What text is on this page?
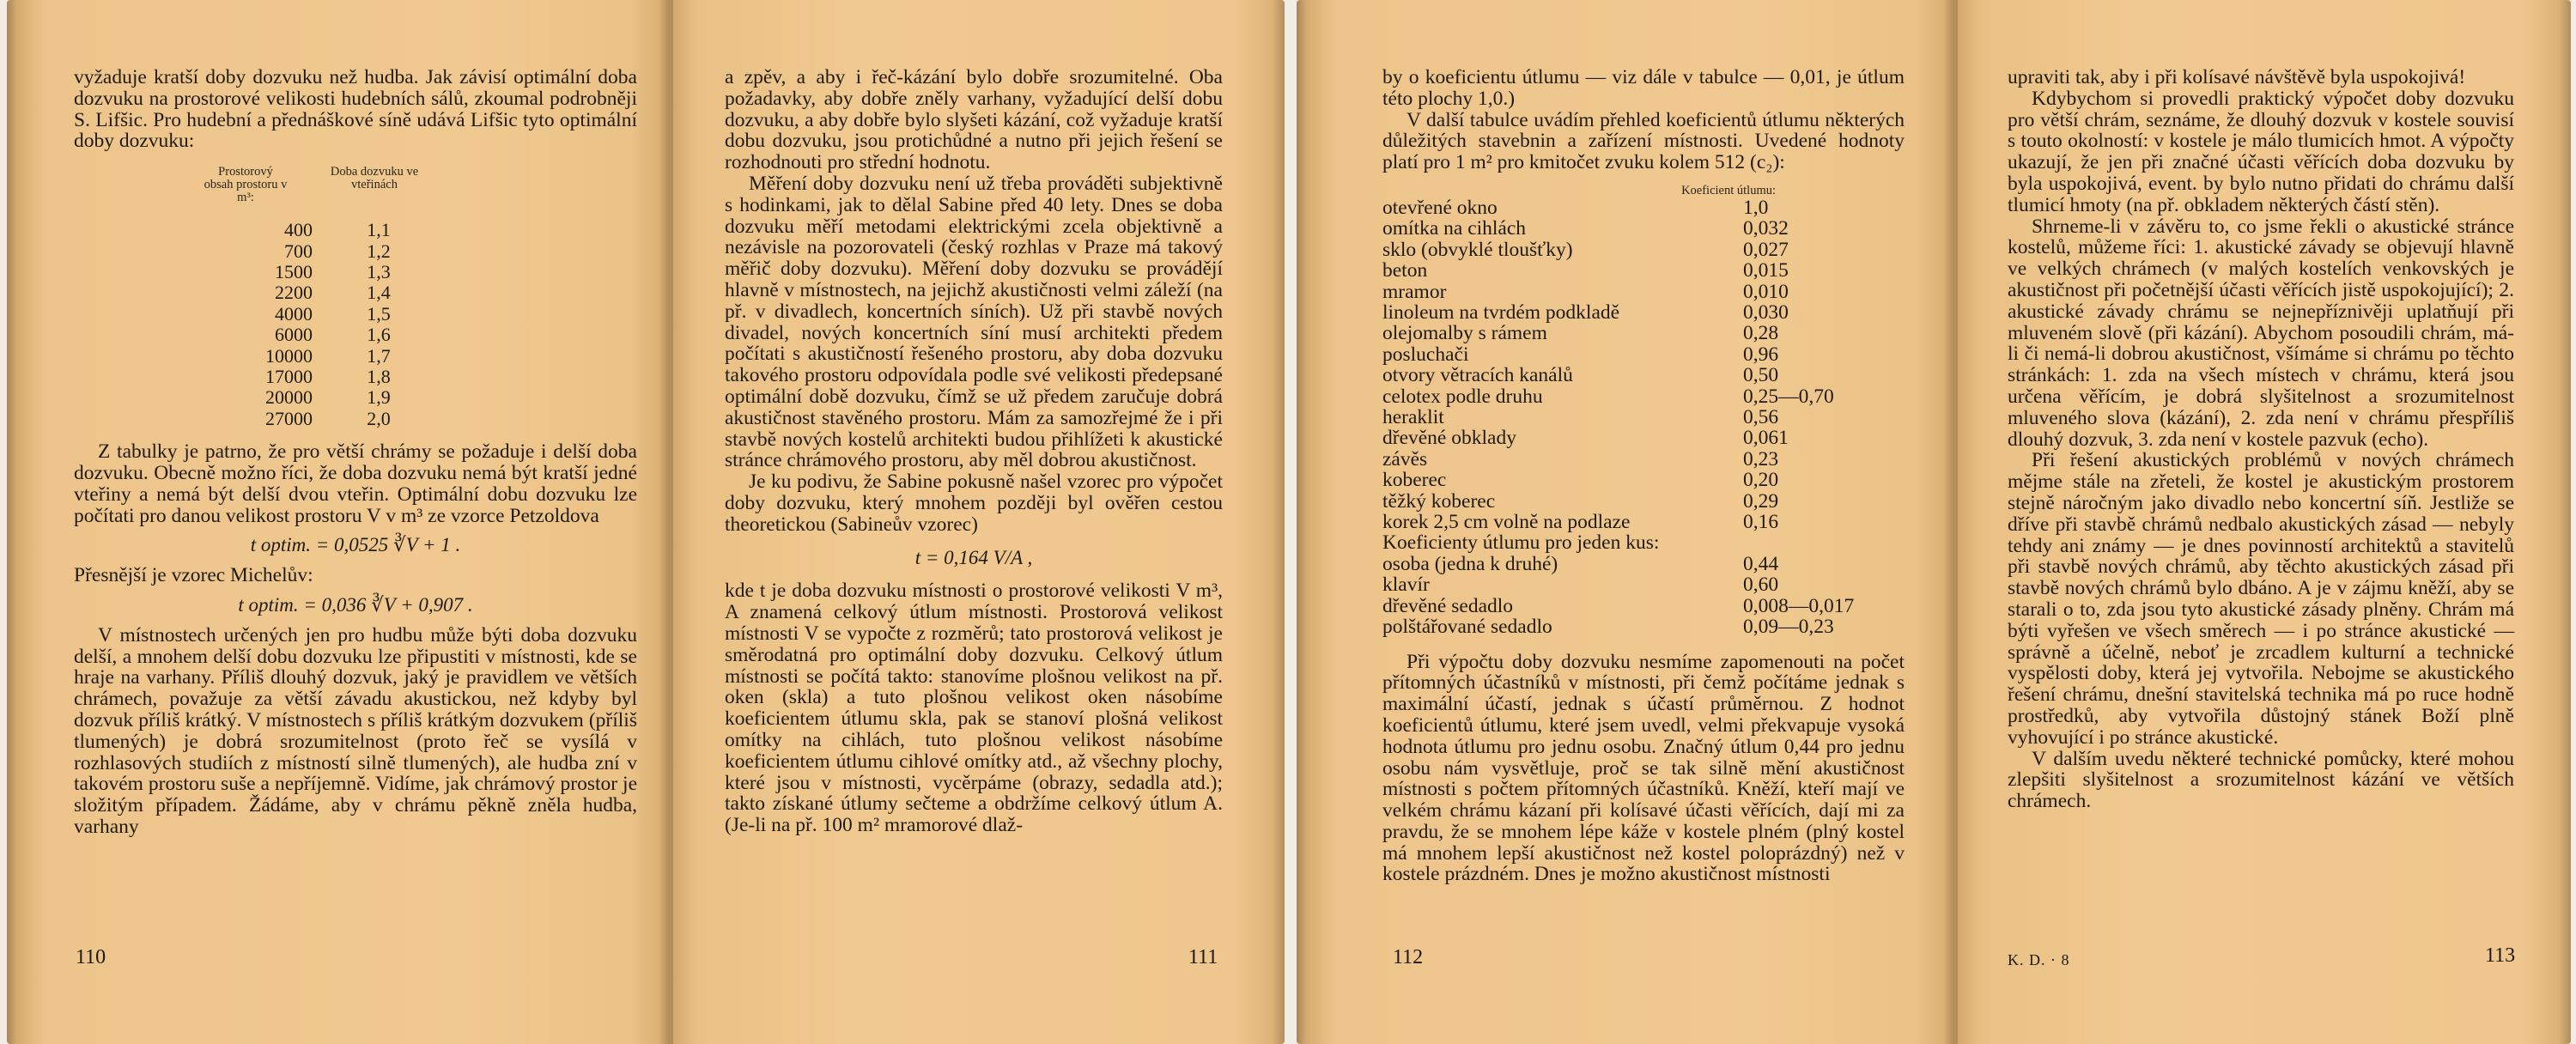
vyžaduje kratší doby dozvuku než hudba. Jak závisí optimální doba dozvuku na prostorové velikosti hudebních sálů, zkoumal podrobněji S. Lifšic. Pro hudební a přednáškové síně udává Lifšic tyto optimální doby dozvuku:

Prostorový obsah prostoru v m³:
Doba dozvuku ve vteřinách
400	1,1
700	1,2
1500	1,3
2200	1,4
4000	1,5
6000	1,6
10000	1,7
17000	1,8
20000	1,9
27000	2,0

Z tabulky je patrno, že pro větší chrámy se požaduje i delší doba dozvuku. Obecně možno říci, že doba dozvuku nemá být kratší jedné vteřiny a nemá být delší dvou vteřin. Optimální dobu dozvuku lze počítati pro danou velikost prostoru V v m³ ze vzorce Petzoldova

t optim. = 0,0525 ∛V + 1 .

Přesnější je vzorec Michelův:

t optim. = 0,036 ∛V + 0,907 .

V místnostech určených jen pro hudbu může býti doba dozvuku delší, a mnohem delší dobu dozvuku lze připustiti v místnosti, kde se hraje na varhany. Příliš dlouhý dozvuk, jaký je pravidlem ve větších chrámech, považuje za větší závadu akustickou, než kdyby byl dozvuk příliš krátký. V místnostech s příliš krátkým dozvukem (příliš tlumených) je dobrá srozumitelnost (proto řeč se vysílá v rozhlasových studiích z místností silně tlumených), ale hudba zní v takovém prostoru suše a nepříjemně. Vidíme, jak chrámový prostor je složitým případem. Žádáme, aby v chrámu pěkně zněla hudba, varhany

110

a zpěv, a aby i řeč-kázání bylo dobře srozumitelné. Oba požadavky, aby dobře zněly varhany, vyžadující delší dobu dozvuku, a aby dobře bylo slyšeti kázání, což vyžaduje kratší dobu dozvuku, jsou protichůdné a nutno při jejich řešení se rozhodnouti pro střední hodnotu.

Měření doby dozvuku není už třeba prováděti subjektivně s hodinkami, jak to dělal Sabine před 40 lety. Dnes se doba dozvuku měří metodami elektrickými zcela objektivně a nezávisle na pozorovateli (český rozhlas v Praze má takový měřič doby dozvuku). Měření doby dozvuku se provádějí hlavně v místnostech, na jejichž akustičnosti velmi záleží (na př. v divadlech, koncertních síních). Už při stavbě nových divadel, nových koncertních síní musí architekti předem počítati s akustičností řešeného prostoru, aby doba dozvuku takového prostoru odpovídala podle své velikosti předepsané optimální době dozvuku, čímž se už předem zaručuje dobrá akustičnost stavěného prostoru. Mám za samozřejmé že i při stavbě nových kostelů architekti budou přihlížeti k akustické stránce chrámového prostoru, aby měl dobrou akustičnost.

Je ku podivu, že Sabine pokusně našel vzorec pro výpočet doby dozvuku, který mnohem později byl ověřen cestou theoretickou (Sabineův vzorec)

t = 0,164 V/A ,

kde t je doba dozvuku místnosti o prostorové velikosti V m³, A znamená celkový útlum místnosti. Prostorová velikost místnosti V se vypočte z rozměrů; tato prostorová velikost je směrodatná pro optimální doby dozvuku. Celkový útlum místnosti se počítá takto: stanovíme plošnou velikost na př. oken (skla) a tuto plošnou velikost oken násobíme koeficientem útlumu skla, pak se stanoví plošná velikost omítky na cihlách, tuto plošnou velikost násobíme koeficientem útlumu cihlové omítky atd., až všechny plochy, které jsou v místnosti, vycěrpáme (obrazy, sedadla atd.); takto získané útlumy sečteme a obdržíme celkový útlum A. (Je-li na př. 100 m² mramorové dlaž-

111

by o koeficientu útlumu — viz dále v tabulce — 0,01, je útlum této plochy 1,0.)

V další tabulce uvádím přehled koeficientů útlumu některých důležitých stavebnin a zařízení místnosti. Uvedené hodnoty platí pro 1 m² pro kmitočet zvuku kolem 512 (c₂):

Koeficient útlumu:
otevřené okno	1,0
omítka na cihlách	0,032
sklo (obvyklé tloušťky)	0,027
beton	0,015
mramor	0,010
linoleum na tvrdém podkladě	0,030
olejomalby s rámem	0,28
posluchači	0,96
otvory větracích kanálů	0,50
celotex podle druhu	0,25—0,70
heraklit	0,56
dřevěné obklady	0,061
závěs	0,23
koberec	0,20
těžký koberec	0,29
korek 2,5 cm volně na podlaze	0,16
Koeficienty útlumu pro jeden kus:
osoba (jedna k druhé)	0,44
klavír	0,60
dřevěné sedadlo	0,008—0,017
polštářované sedadlo	0,09—0,23

Při výpočtu doby dozvuku nesmíme zapomenouti na počet přítomných účastníků v místnosti, při čemž počítáme jednak s maximální účastí, jednak s účastí průměrnou. Z hodnot koeficientů útlumu, které jsem uvedl, velmi překvapuje vysoká hodnota útlumu pro jednu osobu. Značný útlum 0,44 pro jednu osobu nám vysvětluje, proč se tak silně mění akustičnost místnosti s počtem přítomných účastníků. Kněží, kteří mají ve velkém chrámu kázaní při kolísavé účasti věřících, dají mi za pravdu, že se mnohem lépe káže v kostele plném (plný kostel má mnohem lepší akustičnost než kostel poloprázdný) než v kostele prázdném. Dnes je možno akustičnost místnosti

112

upraviti tak, aby i při kolísavé návštěvě byla uspokojivá!

Kdybychom si provedli praktický výpočet doby dozvuku pro větší chrám, seznáme, že dlouhý dozvuk v kostele souvisí s touto okolností: v kostele je málo tlumicích hmot. A výpočty ukazují, že jen při značné účasti věřících doba dozvuku by byla uspokojivá, event. by bylo nutno přidati do chrámu další tlumicí hmoty (na př. obkladem některých částí stěn).

Shrneme-li v závěru to, co jsme řekli o akustické stránce kostelů, můžeme říci: 1. akustické závady se objevují hlavně ve velkých chrámech (v malých kostelích venkovských je akustičnost při početnější účasti věřících jistě uspokojující); 2. akustické závady chrámu se nejnepříznivěji uplatňují při mluveném slově (při kázání). Abychom posoudili chrám, má-li či nemá-li dobrou akustičnost, všímáme si chrámu po těchto stránkách: 1. zda na všech místech v chrámu, která jsou určena věřícím, je dobrá slyšitelnost a srozumitelnost mluveného slova (kázání), 2. zda není v chrámu přespříliš dlouhý dozvuk, 3. zda není v kostele pazvuk (echo).

Při řešení akustických problémů v nových chrámech mějme stále na zřeteli, že kostel je akustickým prostorem stejně náročným jako divadlo nebo koncertní síň. Jestliže se dříve při stavbě chrámů nedbalo akustických zásad — nebyly tehdy ani známy — je dnes povinností architektů a stavitelů při stavbě nových chrámů, aby těchto akustických zásad při stavbě nových chrámů bylo dbáno. A je v zájmu kněží, aby se starali o to, zda jsou tyto akustické zásady plněny. Chrám má býti vyřešen ve všech směrech — i po stránce akustické — správně a účelně, neboť je zrcadlem kulturní a technické vyspělosti doby, která jej vytvořila. Nebojme se akustického řešení chrámu, dnešní stavitelská technika má po ruce hodně prostředků, aby vytvořila důstojný stánek Boží plně vyhovující i po stránce akustické.

V dalším uvedu některé technické pomůcky, které mohou zlepšiti slyšitelnost a srozumitelnost kázání ve větších chrámech.

K. D. · 8	113
